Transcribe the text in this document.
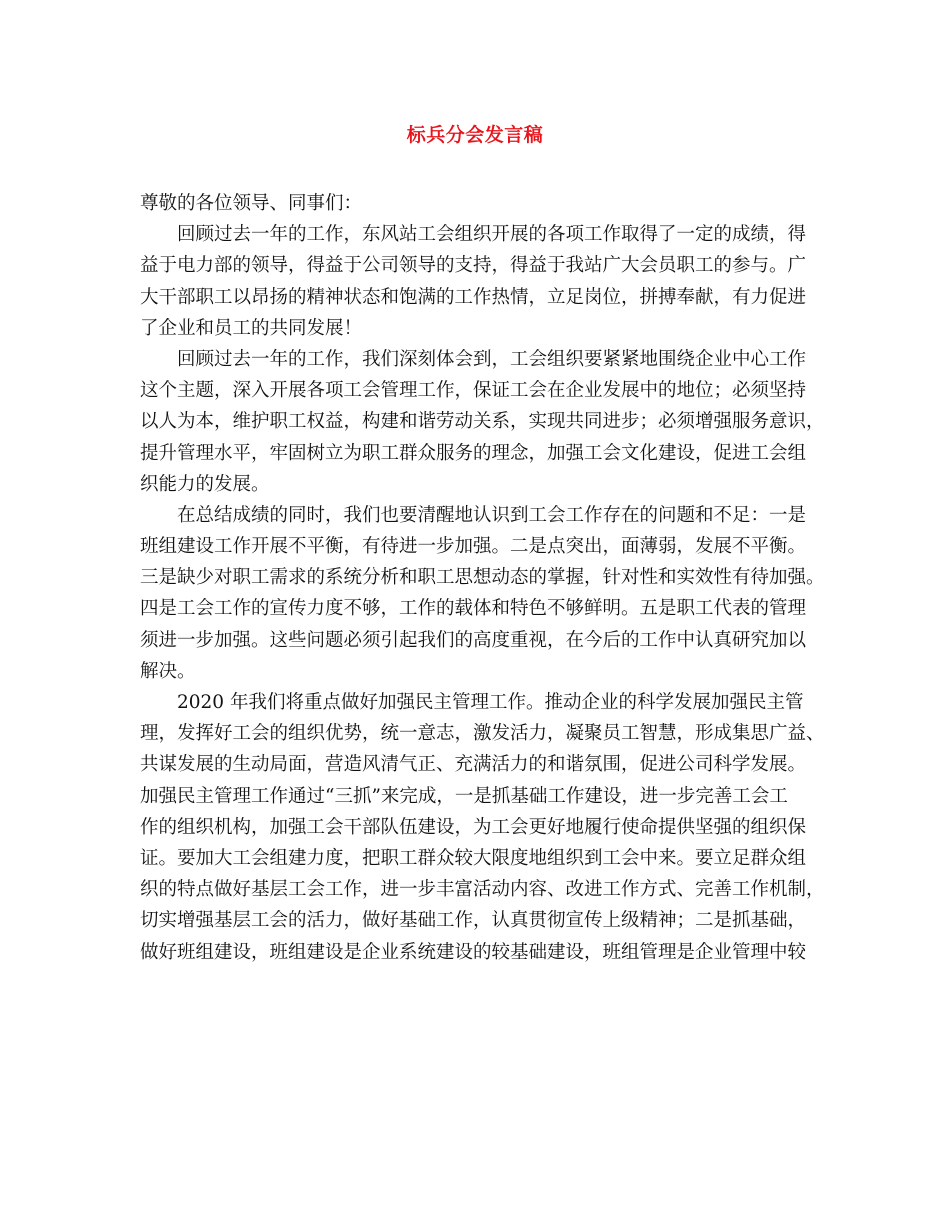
标兵分会发言稿
尊敬的各位领导、同事们：
回顾过去一年的工作，东风站工会组织开展的各项工作取得了一定的成绩，得
益于电力部的领导，得益于公司领导的支持，得益于我站广大会员职工的参与。广
大干部职工以昂扬的精神状态和饱满的工作热情，立足岗位，拼搏奉献，有力促进
了企业和员工的共同发展！
回顾过去一年的工作，我们深刻体会到，工会组织要紧紧地围绕企业中心工作
这个主题，深入开展各项工会管理工作，保证工会在企业发展中的地位；必须坚持
以人为本，维护职工权益，构建和谐劳动关系，实现共同进步；必须增强服务意识，
提升管理水平，牢固树立为职工群众服务的理念，加强工会文化建设，促进工会组
织能力的发展。
在总结成绩的同时，我们也要清醒地认识到工会工作存在的问题和不足：一是
班组建设工作开展不平衡，有待进一步加强。二是点突出，面薄弱，发展不平衡。
三是缺少对职工需求的系统分析和职工思想动态的掌握，针对性和实效性有待加强。
四是工会工作的宣传力度不够，工作的载体和特色不够鲜明。五是职工代表的管理
须进一步加强。这些问题必须引起我们的高度重视，在今后的工作中认真研究加以
解决。
2020 年我们将重点做好加强民主管理工作。推动企业的科学发展加强民主管
理，发挥好工会的组织优势，统一意志，激发活力，凝聚员工智慧，形成集思广益、
共谋发展的生动局面，营造风清气正、充满活力的和谐氛围，促进公司科学发展。
加强民主管理工作通过“三抓”来完成，一是抓基础工作建设，进一步完善工会工
作的组织机构，加强工会干部队伍建设，为工会更好地履行使命提供坚强的组织保
证。要加大工会组建力度，把职工群众较大限度地组织到工会中来。要立足群众组
织的特点做好基层工会工作，进一步丰富活动内容、改进工作方式、完善工作机制，
切实增强基层工会的活力，做好基础工作，认真贯彻宣传上级精神；二是抓基础，
做好班组建设，班组建设是企业系统建设的较基础建设，班组管理是企业管理中较
